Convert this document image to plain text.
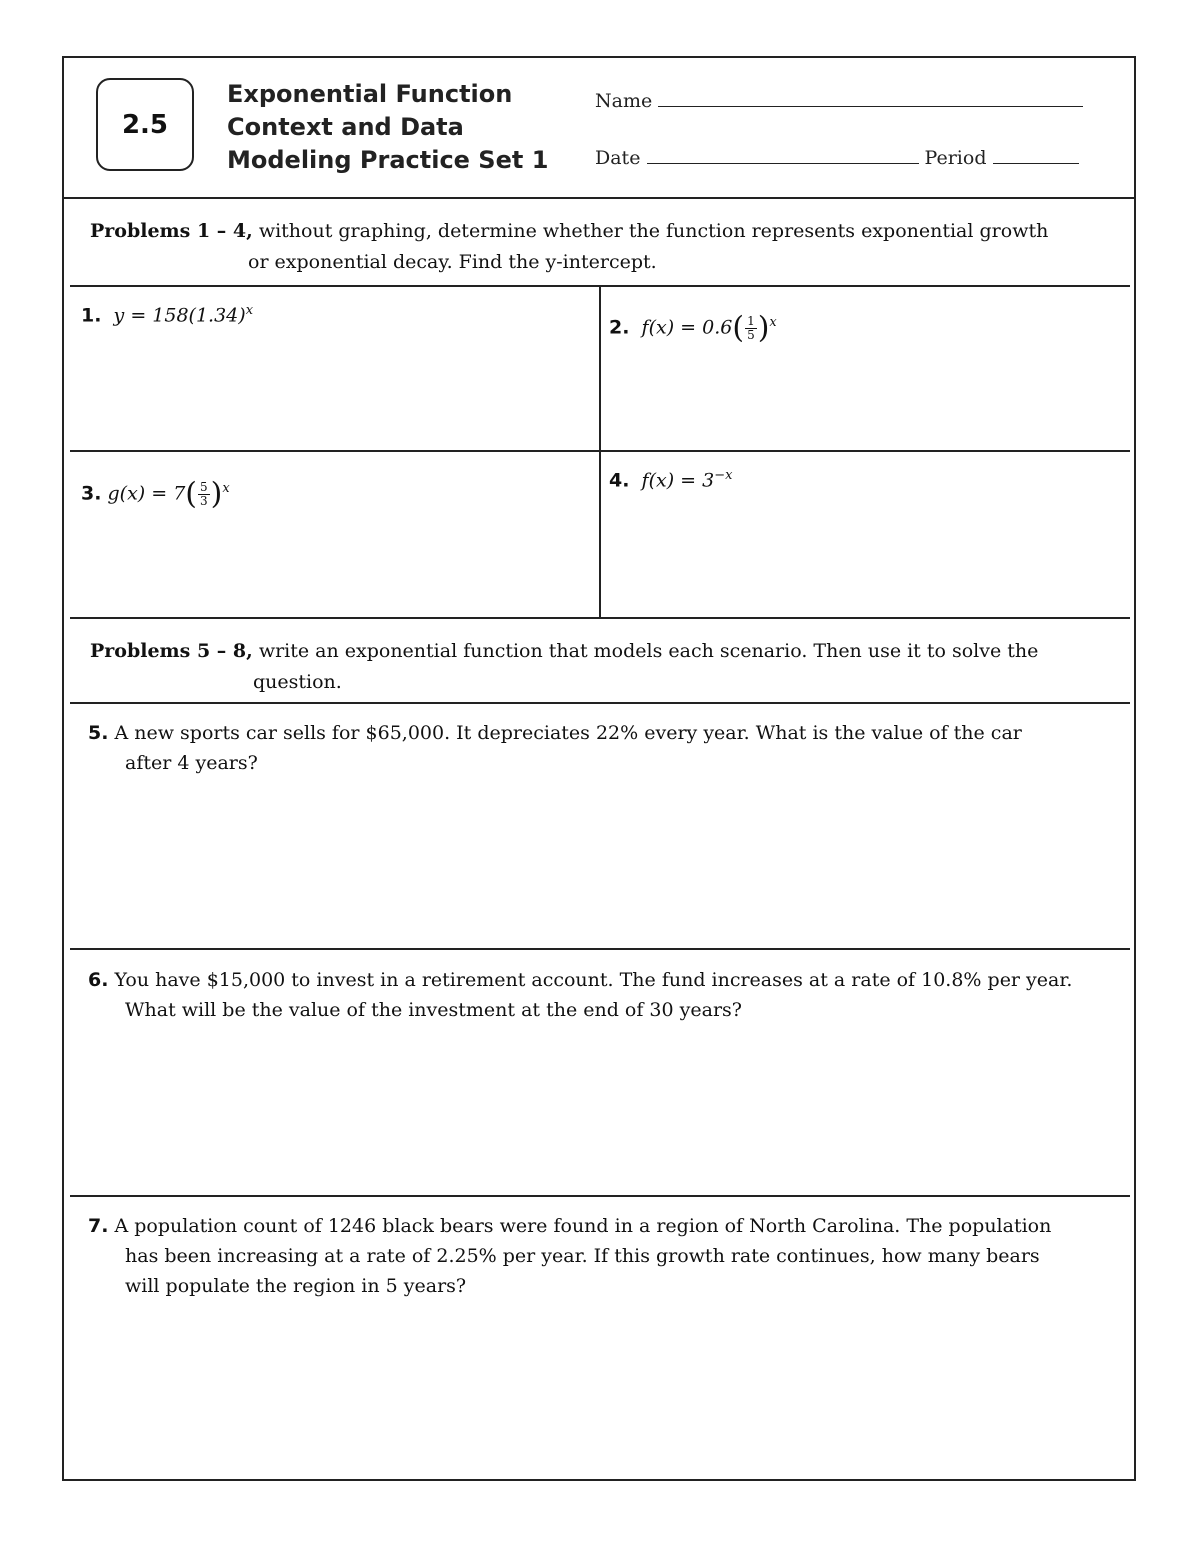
2.5
Exponential Function
Context and Data
Modeling Practice Set 1
Name
Date	Period
Problems 1 – 4, without graphing, determine whether the function represents exponential growth
or exponential decay. Find the y-intercept.
1. $y = 158(1.34)^x$
2. $f(x) = 0.6( \frac{1}{5} )^x$
3. $g(x) = 7( \frac{5}{3} )^x$	4. $f(x) = 3^{-x}$
Problems 5 – 8, write an exponential function that models each scenario. Then use it to solve the
question.
5. A new sports car sells for $65,000. It depreciates 22% every year. What is the value of the car
after 4 years?
6. You have $15,000 to invest in a retirement account. The fund increases at a rate of 10.8% per year.
What will be the value of the investment at the end of 30 years?
7. A population count of 1246 black bears were found in a region of North Carolina. The population
has been increasing at a rate of 2.25% per year. If this growth rate continues, how many bears
will populate the region in 5 years?
